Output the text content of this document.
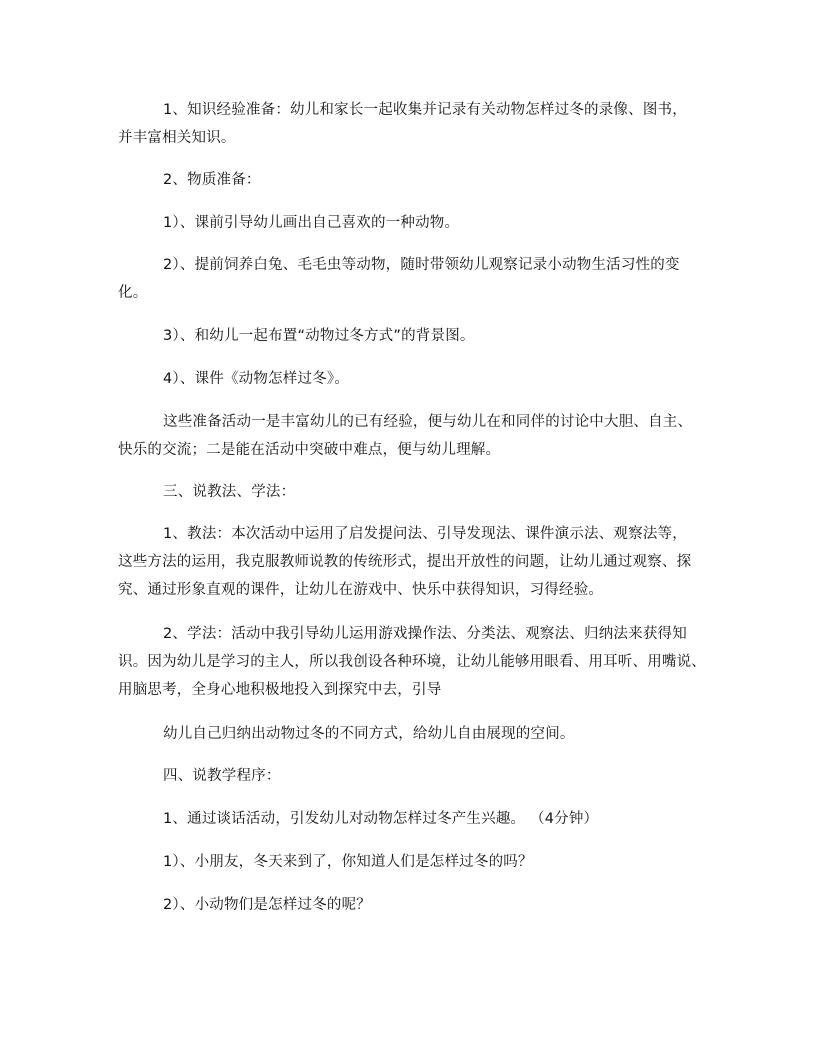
1、知识经验准备：幼儿和家长一起收集并记录有关动物怎样过冬的录像、图书，
并丰富相关知识。
2、物质准备：
1）、课前引导幼儿画出自己喜欢的一种动物。
2）、提前饲养白兔、毛毛虫等动物，随时带领幼儿观察记录小动物生活习性的变
化。
3）、和幼儿一起布置“动物过冬方式”的背景图。
4）、课件《动物怎样过冬》。
这些准备活动一是丰富幼儿的已有经验，便与幼儿在和同伴的讨论中大胆、自主、
快乐的交流；二是能在活动中突破中难点，便与幼儿理解。
三、说教法、学法：
1、教法：本次活动中运用了启发提问法、引导发现法、课件演示法、观察法等，
这些方法的运用，我克服教师说教的传统形式，提出开放性的问题，让幼儿通过观察、探
究、通过形象直观的课件，让幼儿在游戏中、快乐中获得知识，习得经验。
2、学法：活动中我引导幼儿运用游戏操作法、分类法、观察法、归纳法来获得知
识。因为幼儿是学习的主人，所以我创设各种环境，让幼儿能够用眼看、用耳听、用嘴说、
用脑思考，全身心地积极地投入到探究中去，引导
幼儿自己归纳出动物过冬的不同方式，给幼儿自由展现的空间。
四、说教学程序：
1、通过谈话活动，引发幼儿对动物怎样过冬产生兴趣。 （4分钟）
1）、小朋友，冬天来到了，你知道人们是怎样过冬的吗？
2）、小动物们是怎样过冬的呢？
